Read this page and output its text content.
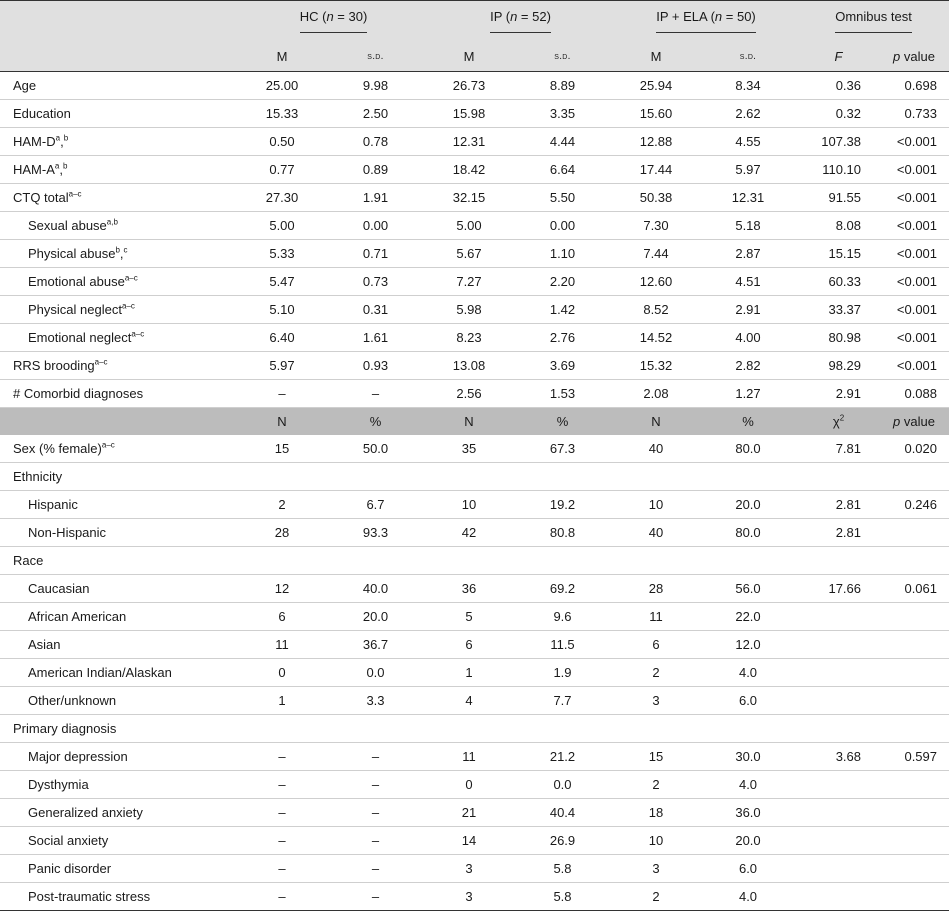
	HC (n = 30)		IP (n = 52)		IP + ELA (n = 50)		Omnibus test	
	M	s.d.	M	s.d.	M	s.d.	F	p value
Age	25.00	9.98	26.73	8.89	25.94	8.34	0.36	0.698
Education	15.33	2.50	15.98	3.35	15.60	2.62	0.32	0.733
HAM-$D^a,^b$	0.50	0.78	12.31	4.44	12.88	4.55	107.38	<0.001
HAM-$A^a,^b$	0.77	0.89	18.42	6.64	17.44	5.97	110.10	<0.001
CTQ total$^{a-c}$	27.30	1.91	32.15	5.50	50.38	12.31	91.55	<0.001
Sexual abuse$^{a,b}$	5.00	0.00	5.00	0.00	7.30	5.18	8.08	<0.001
Physical abuse$^b$,$^c$	5.33	0.71	5.67	1.10	7.44	2.87	15.15	<0.001
Emotional abuse$^{a-c}$	5.47	0.73	7.27	2.20	12.60	4.51	60.33	<0.001
Physical neglect$^{a-c}$	5.10	0.31	5.98	1.42	8.52	2.91	33.37	<0.001
Emotional neglect$^{a-c}$	6.40	1.61	8.23	2.76	14.52	4.00	80.98	<0.001
RRS brooding$^{a-c}$	5.97	0.93	13.08	3.69	15.32	2.82	98.29	<0.001
# Comorbid diagnoses	–	–	2.56	1.53	2.08	1.27	2.91	0.088
	N	%	N	%	N	%	$\chi^2$	p value
Sex (% female)$^{a-c}$	15	50.0	35	67.3	40	80.0	7.81	0.020
Ethnicity								
Hispanic	2	6.7	10	19.2	10	20.0	2.81	0.246
Non-Hispanic	28	93.3	42	80.8	40	80.0	2.81	
Race								
Caucasian	12	40.0	36	69.2	28	56.0	17.66	0.061
African American	6	20.0	5	9.6	11	22.0		
Asian	11	36.7	6	11.5	6	12.0		
American Indian/Alaskan	0	0.0	1	1.9	2	4.0		
Other/unknown	1	3.3	4	7.7	3	6.0		
Primary diagnosis								
Major depression	–	–	11	21.2	15	30.0	3.68	0.597
Dysthymia	–	–	0	0.0	2	4.0		
Generalized anxiety	–	–	21	40.4	18	36.0		
Social anxiety	–	–	14	26.9	10	20.0		
Panic disorder	–	–	3	5.8	3	6.0		
Post-traumatic stress	–	–	3	5.8	2	4.0		
